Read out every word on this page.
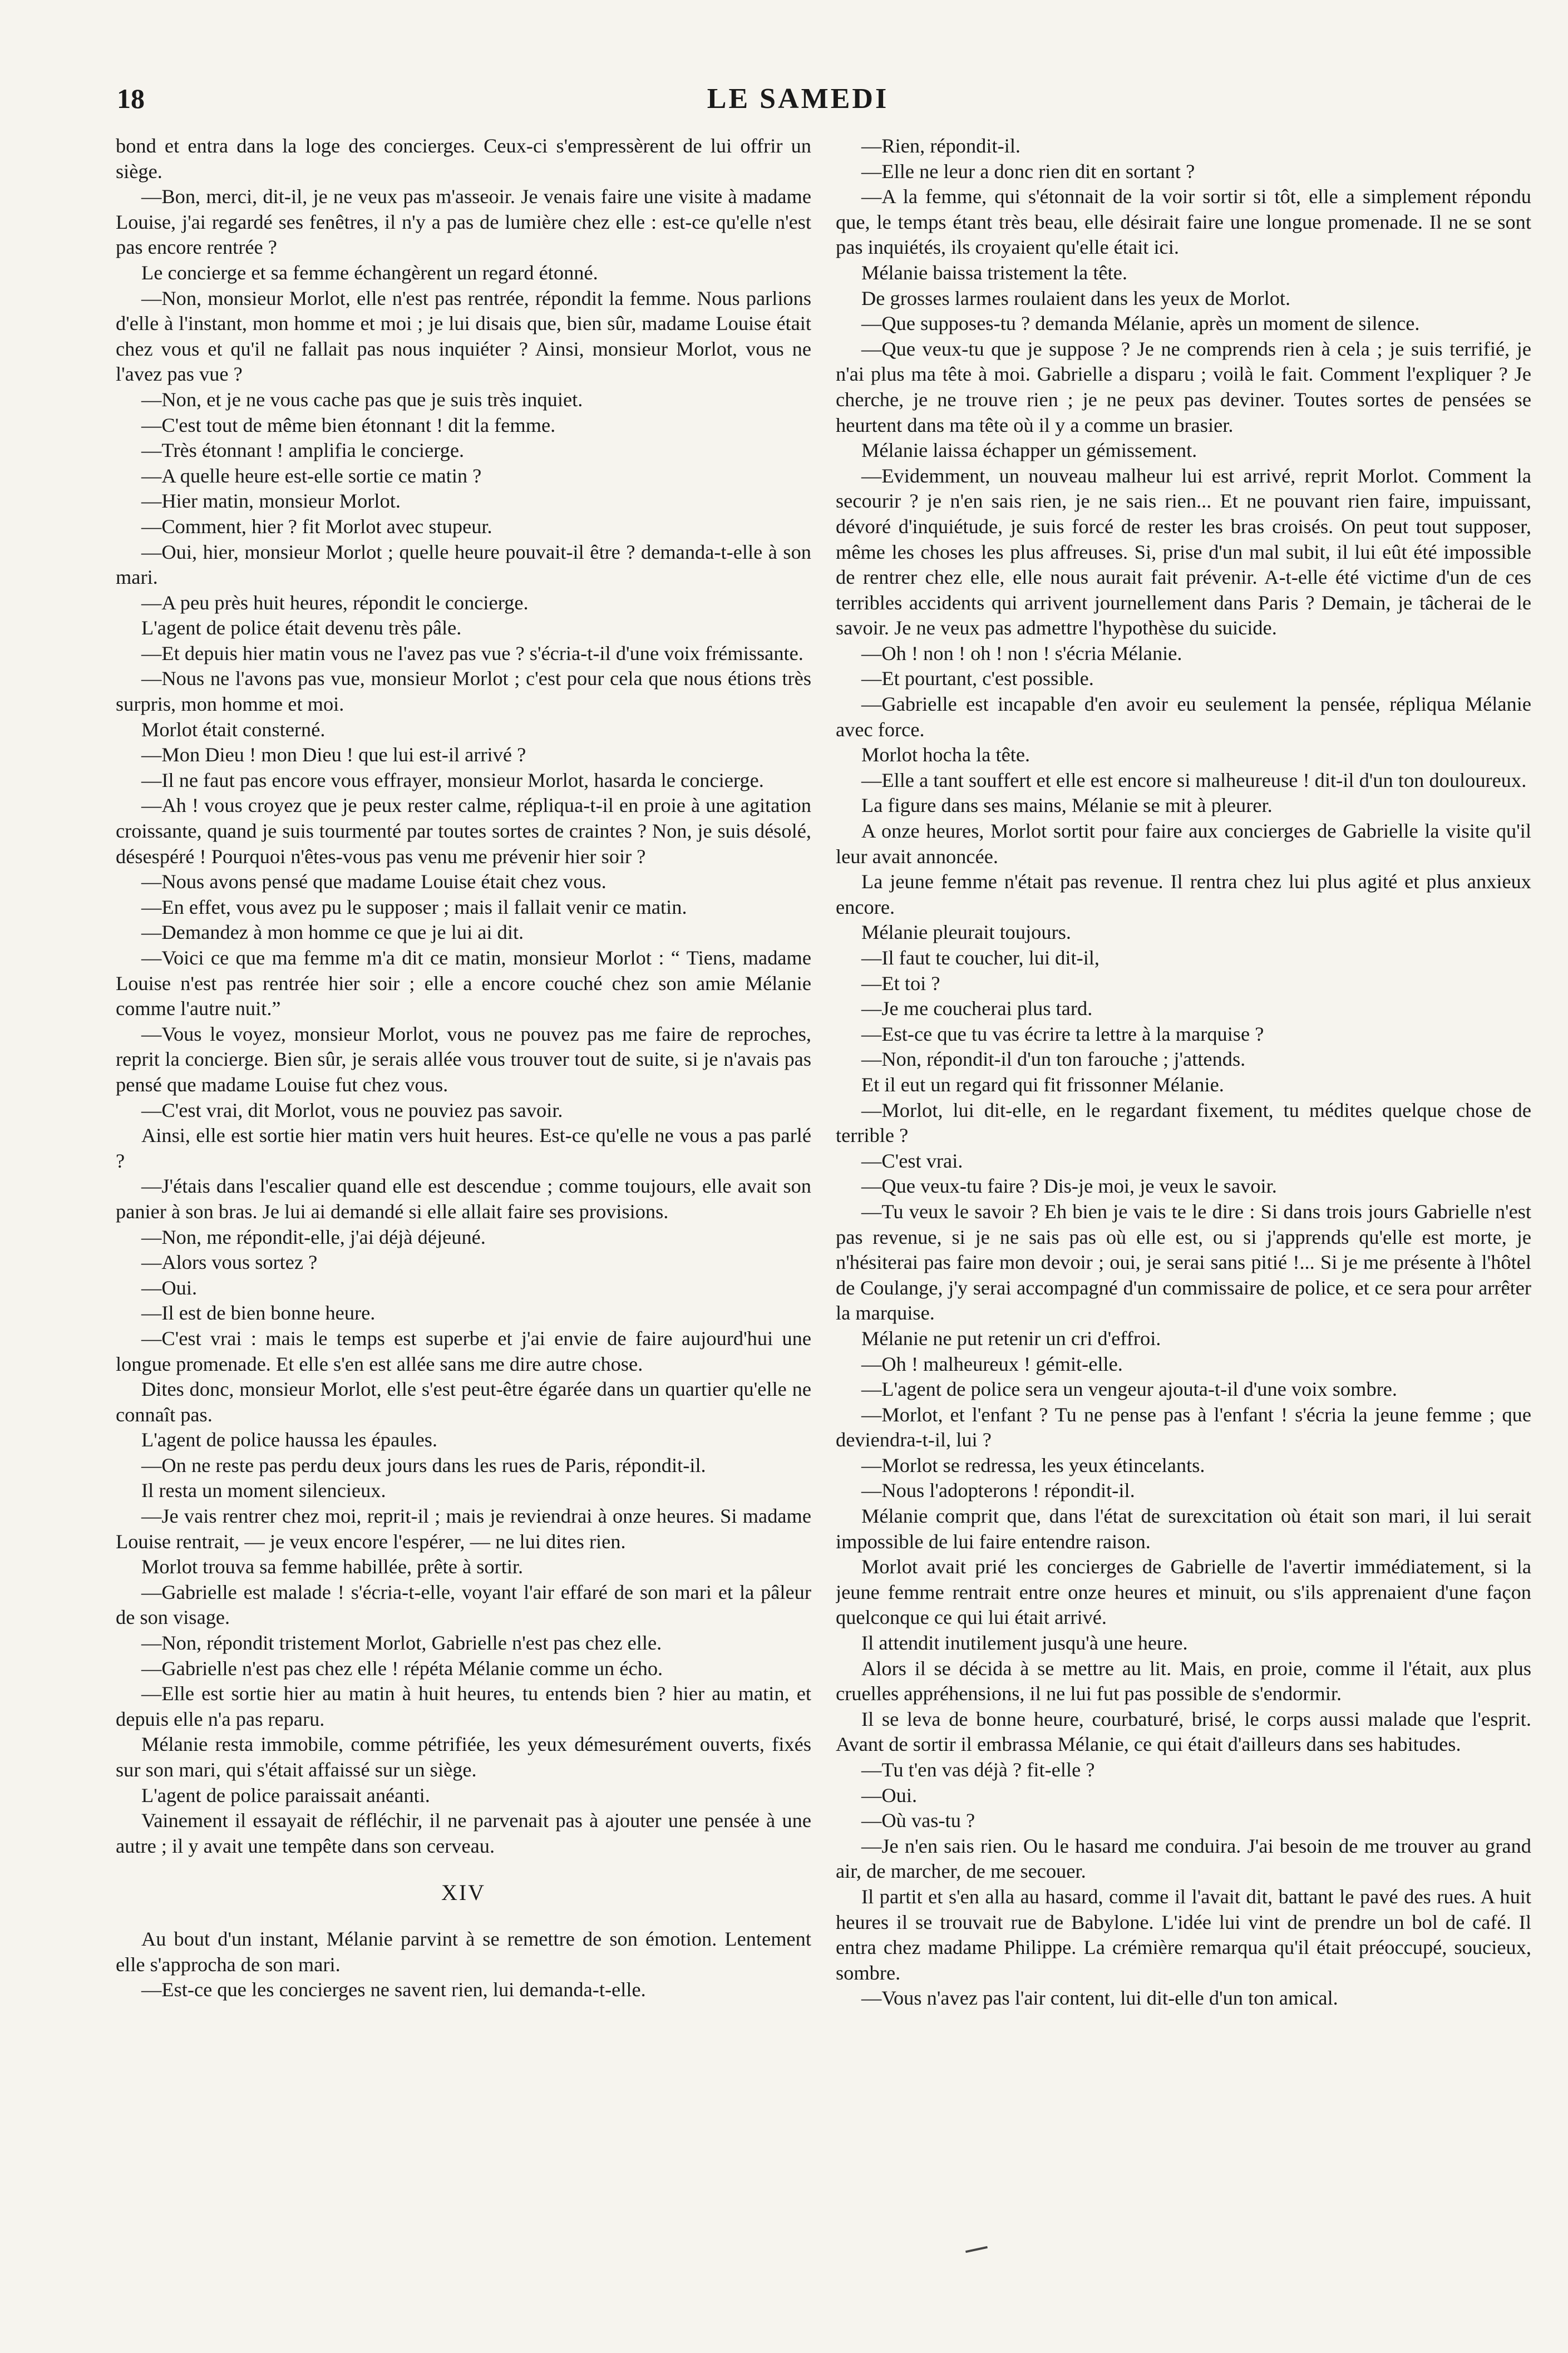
18	LE SAMEDI

bond et entra dans la loge des concierges. Ceux-ci s'empressèrent de lui offrir un siège.

—Bon, merci, dit-il, je ne veux pas m'asseoir. Je venais faire une visite à madame Louise, j'ai regardé ses fenêtres, il n'y a pas de lumière chez elle : est-ce qu'elle n'est pas encore rentrée ?

Le concierge et sa femme échangèrent un regard étonné.

—Non, monsieur Morlot, elle n'est pas rentrée, répondit la femme. Nous parlions d'elle à l'instant, mon homme et moi ; je lui disais que, bien sûr, madame Louise était chez vous et qu'il ne fallait pas nous inquiéter ? Ainsi, monsieur Morlot, vous ne l'avez pas vue ?

—Non, et je ne vous cache pas que je suis très inquiet.

—C'est tout de même bien étonnant ! dit la femme.

—Très étonnant ! amplifia le concierge.

—A quelle heure est-elle sortie ce matin ?

—Hier matin, monsieur Morlot.

—Comment, hier ? fit Morlot avec stupeur.

—Oui, hier, monsieur Morlot ; quelle heure pouvait-il être ? demanda-t-elle à son mari.

—A peu près huit heures, répondit le concierge.

L'agent de police était devenu très pâle.

—Et depuis hier matin vous ne l'avez pas vue ? s'écria-t-il d'une voix frémissante.

—Nous ne l'avons pas vue, monsieur Morlot ; c'est pour cela que nous étions très surpris, mon homme et moi.

Morlot était consterné.

—Mon Dieu ! mon Dieu ! que lui est-il arrivé ?

—Il ne faut pas encore vous effrayer, monsieur Morlot, hasarda le concierge.

—Ah ! vous croyez que je peux rester calme, répliqua-t-il en proie à une agitation croissante, quand je suis tourmenté par toutes sortes de craintes ? Non, je suis désolé, désespéré ! Pourquoi n'êtes-vous pas venu me prévenir hier soir ?

—Nous avons pensé que madame Louise était chez vous.

—En effet, vous avez pu le supposer ; mais il fallait venir ce matin.

—Demandez à mon homme ce que je lui ai dit.

—Voici ce que ma femme m'a dit ce matin, monsieur Morlot : “ Tiens, madame Louise n'est pas rentrée hier soir ; elle a encore couché chez son amie Mélanie comme l'autre nuit.”

—Vous le voyez, monsieur Morlot, vous ne pouvez pas me faire de reproches, reprit la concierge. Bien sûr, je serais allée vous trouver tout de suite, si je n'avais pas pensé que madame Louise fut chez vous.

—C'est vrai, dit Morlot, vous ne pouviez pas savoir.

Ainsi, elle est sortie hier matin vers huit heures. Est-ce qu'elle ne vous a pas parlé ?

—J'étais dans l'escalier quand elle est descendue ; comme toujours, elle avait son panier à son bras. Je lui ai demandé si elle allait faire ses provisions.

—Non, me répondit-elle, j'ai déjà déjeuné.

—Alors vous sortez ?

—Oui.

—Il est de bien bonne heure.

—C'est vrai : mais le temps est superbe et j'ai envie de faire aujourd'hui une longue promenade. Et elle s'en est allée sans me dire autre chose.

Dites donc, monsieur Morlot, elle s'est peut-être égarée dans un quartier qu'elle ne connaît pas.

L'agent de police haussa les épaules.

—On ne reste pas perdu deux jours dans les rues de Paris, répondit-il.

Il resta un moment silencieux.

—Je vais rentrer chez moi, reprit-il ; mais je reviendrai à onze heures. Si madame Louise rentrait, — je veux encore l'espérer, — ne lui dites rien.

Morlot trouva sa femme habillée, prête à sortir.

—Gabrielle est malade ! s'écria-t-elle, voyant l'air effaré de son mari et la pâleur de son visage.

—Non, répondit tristement Morlot, Gabrielle n'est pas chez elle.

—Gabrielle n'est pas chez elle ! répéta Mélanie comme un écho.

—Elle est sortie hier au matin à huit heures, tu entends bien ? hier au matin, et depuis elle n'a pas reparu.

Mélanie resta immobile, comme pétrifiée, les yeux démesurément ouverts, fixés sur son mari, qui s'était affaissé sur un siège.

L'agent de police paraissait anéanti.

Vainement il essayait de réfléchir, il ne parvenait pas à ajouter une pensée à une autre ; il y avait une tempête dans son cerveau.

XIV

Au bout d'un instant, Mélanie parvint à se remettre de son émotion. Lentement elle s'approcha de son mari.

—Est-ce que les concierges ne savent rien, lui demanda-t-elle.

—Rien, répondit-il.

—Elle ne leur a donc rien dit en sortant ?

—A la femme, qui s'étonnait de la voir sortir si tôt, elle a simplement répondu que, le temps étant très beau, elle désirait faire une longue promenade. Il ne se sont pas inquiétés, ils croyaient qu'elle était ici.

Mélanie baissa tristement la tête.

De grosses larmes roulaient dans les yeux de Morlot.

—Que supposes-tu ? demanda Mélanie, après un moment de silence.

—Que veux-tu que je suppose ? Je ne comprends rien à cela ; je suis terrifié, je n'ai plus ma tête à moi. Gabrielle a disparu ; voilà le fait. Comment l'expliquer ? Je cherche, je ne trouve rien ; je ne peux pas deviner. Toutes sortes de pensées se heurtent dans ma tête où il y a comme un brasier.

Mélanie laissa échapper un gémissement.

—Evidemment, un nouveau malheur lui est arrivé, reprit Morlot. Comment la secourir ? je n'en sais rien, je ne sais rien... Et ne pouvant rien faire, impuissant, dévoré d'inquiétude, je suis forcé de rester les bras croisés. On peut tout supposer, même les choses les plus affreuses. Si, prise d'un mal subit, il lui eût été impossible de rentrer chez elle, elle nous aurait fait prévenir. A-t-elle été victime d'un de ces terribles accidents qui arrivent journellement dans Paris ? Demain, je tâcherai de le savoir. Je ne veux pas admettre l'hypothèse du suicide.

—Oh ! non ! oh ! non ! s'écria Mélanie.

—Et pourtant, c'est possible.

—Gabrielle est incapable d'en avoir eu seulement la pensée, répliqua Mélanie avec force.

Morlot hocha la tête.

—Elle a tant souffert et elle est encore si malheureuse ! dit-il d'un ton douloureux.

La figure dans ses mains, Mélanie se mit à pleurer.

A onze heures, Morlot sortit pour faire aux concierges de Gabrielle la visite qu'il leur avait annoncée.

La jeune femme n'était pas revenue. Il rentra chez lui plus agité et plus anxieux encore.

Mélanie pleurait toujours.

—Il faut te coucher, lui dit-il,

—Et toi ?

—Je me coucherai plus tard.

—Est-ce que tu vas écrire ta lettre à la marquise ?

—Non, répondit-il d'un ton farouche ; j'attends.

Et il eut un regard qui fit frissonner Mélanie.

—Morlot, lui dit-elle, en le regardant fixement, tu médites quelque chose de terrible ?

—C'est vrai.

—Que veux-tu faire ? Dis-je moi, je veux le savoir.

—Tu veux le savoir ? Eh bien je vais te le dire : Si dans trois jours Gabrielle n'est pas revenue, si je ne sais pas où elle est, ou si j'apprends qu'elle est morte, je n'hésiterai pas faire mon devoir ; oui, je serai sans pitié !... Si je me présente à l'hôtel de Coulange, j'y serai accompagné d'un commissaire de police, et ce sera pour arrêter la marquise.

Mélanie ne put retenir un cri d'effroi.

—Oh ! malheureux ! gémit-elle.

—L'agent de police sera un vengeur ajouta-t-il d'une voix sombre.

—Morlot, et l'enfant ? Tu ne pense pas à l'enfant ! s'écria la jeune femme ; que deviendra-t-il, lui ?

—Morlot se redressa, les yeux étincelants.

—Nous l'adopterons ! répondit-il.

Mélanie comprit que, dans l'état de surexcitation où était son mari, il lui serait impossible de lui faire entendre raison.

Morlot avait prié les concierges de Gabrielle de l'avertir immédiatement, si la jeune femme rentrait entre onze heures et minuit, ou s'ils apprenaient d'une façon quelconque ce qui lui était arrivé.

Il attendit inutilement jusqu'à une heure.

Alors il se décida à se mettre au lit. Mais, en proie, comme il l'était, aux plus cruelles appréhensions, il ne lui fut pas possible de s'endormir.

Il se leva de bonne heure, courbaturé, brisé, le corps aussi malade que l'esprit. Avant de sortir il embrassa Mélanie, ce qui était d'ailleurs dans ses habitudes.

—Tu t'en vas déjà ? fit-elle ?

—Oui.

—Où vas-tu ?

—Je n'en sais rien. Ou le hasard me conduira. J'ai besoin de me trouver au grand air, de marcher, de me secouer.

Il partit et s'en alla au hasard, comme il l'avait dit, battant le pavé des rues. A huit heures il se trouvait rue de Babylone. L'idée lui vint de prendre un bol de café. Il entra chez madame Philippe. La crémière remarqua qu'il était préoccupé, soucieux, sombre.

—Vous n'avez pas l'air content, lui dit-elle d'un ton amical.
